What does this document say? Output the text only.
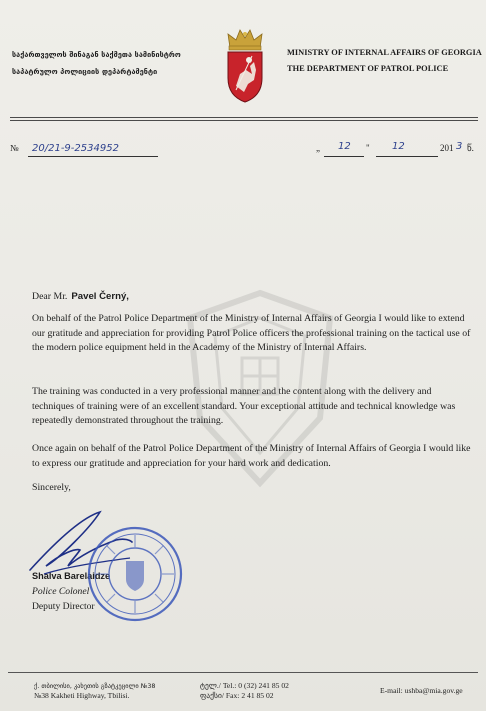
საქართველოს შინაგან საქმეთა სამინისტრო
საპატრულო პოლიციის დეპარტამენტი
MINISTRY OF INTERNAL AFFAIRS OF GEORGIA
THE DEPARTMENT OF PATROL POLICE
№ 20/21-9-2534952	„ 12 " 12	201 3 წ.
Dear Mr. Pavel Černý,
On behalf of the Patrol Police Department of the Ministry of Internal Affairs of Georgia I would like to extend our gratitude and appreciation for providing Patrol Police officers the professional training on the tactical use of the modern police equipment held in the Academy of the Ministry of Internal Affairs.
The training was conducted in a very professional manner and the content along with the delivery and techniques of training were of an excellent standard. Your exceptional attitude and technical knowledge was repeatedly demonstrated throughout the training.
Once again on behalf of the Patrol Police Department of the Ministry of Internal Affairs of Georgia I would like to express our gratitude and appreciation for your hard work and dedication.
Sincerely,
Shalva Barelaidze
Police Colonel
Deputy Director
ქ. თბილისი, კახეთის გზატკეცილი №38
№38 Kakheti Highway, Tbilisi.
ტელ./ Tel.: 0 (32) 241 85 02
ფაქსი/ Fax: 2 41 85 02
E-mail: ushba@mia.gov.ge
